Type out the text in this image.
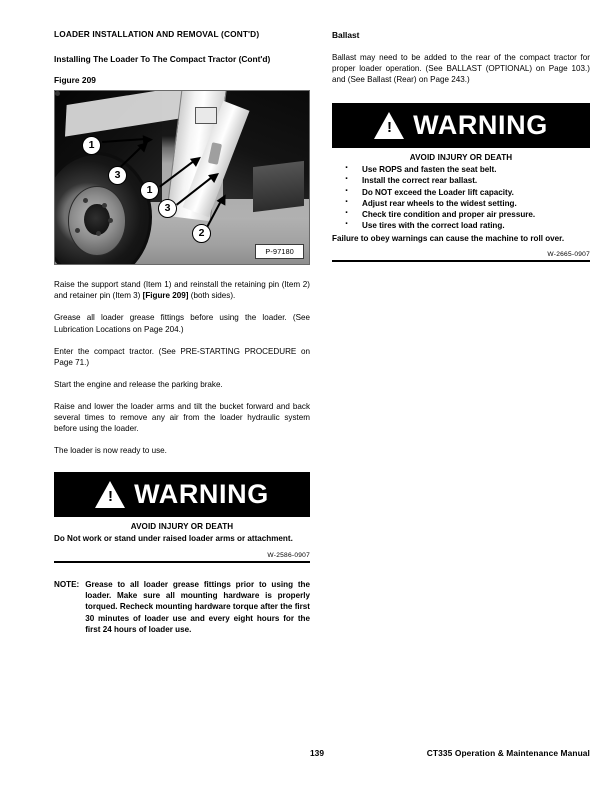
LOADER INSTALLATION AND REMOVAL (CONT'D)
Installing The Loader To The Compact Tractor (Cont'd)
Figure 209
1
3
1
3
2
P-97180

Raise the support stand (Item 1) and reinstall the retaining pin (Item 2) and retainer pin (Item 3) [Figure 209] (both sides).

Grease all loader grease fittings before using the loader. (See Lubrication Locations on Page 204.)

Enter the compact tractor. (See PRE-STARTING PROCEDURE on Page 71.)

Start the engine and release the parking brake.

Raise and lower the loader arms and tilt the bucket forward and back several times to remove any air from the loader hydraulic system before using the loader.

The loader is now ready to use.

! WARNING
AVOID INJURY OR DEATH

Do Not work or stand under raised loader arms or attachment.

W-2586-0907
NOTE: Grease to all loader grease fittings prior to using the loader. Make sure all mounting hardware is properly torqued. Recheck mounting hardware torque after the first 30 minutes of loader use and every eight hours for the first 24 hours of loader use.
Ballast

Ballast may need to be added to the rear of the compact tractor for proper loader operation. (See BALLAST (OPTIONAL) on Page 103.) and (See Ballast (Rear) on Page 243.)

! WARNING
AVOID INJURY OR DEATH
· Use ROPS and fasten the seat belt.
· Install the correct rear ballast.
· Do NOT exceed the Loader lift capacity.
· Adjust rear wheels to the widest setting.
· Check tire condition and proper air pressure.
· Use tires with the correct load rating.

Failure to obey warnings can cause the machine to roll over.

W-2665-0907
139	CT335 Operation & Maintenance Manual
